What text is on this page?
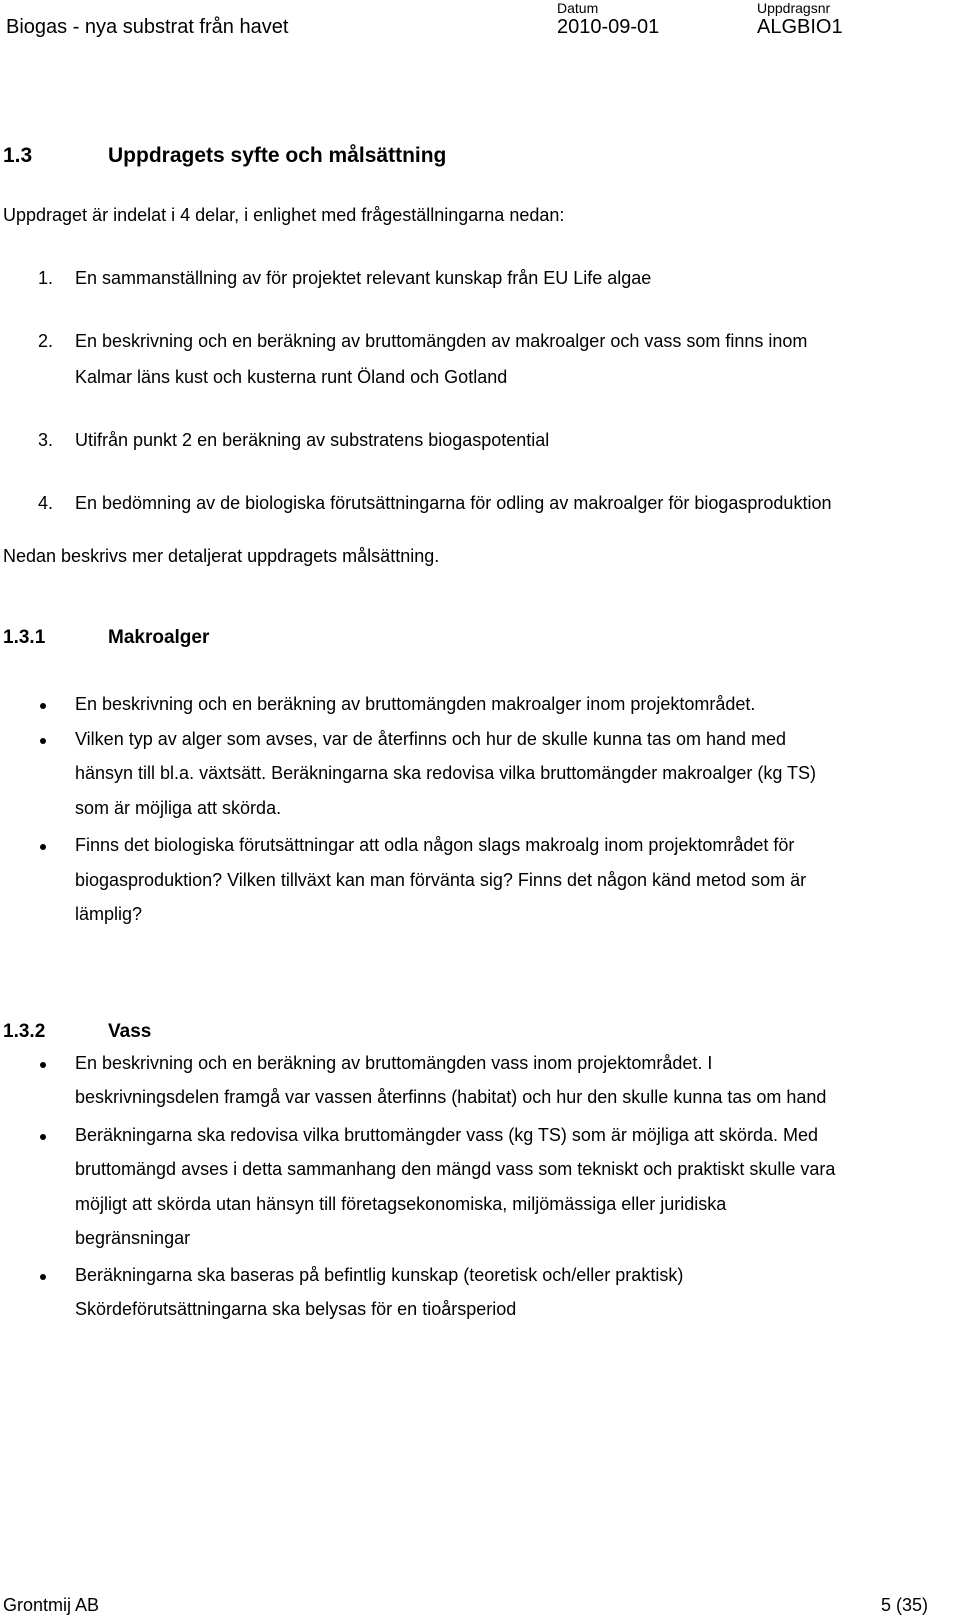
Biogas - nya substrat från havet
Datum
2010-09-01
Uppdragsnr
ALGBIO1
1.3	Uppdragets syfte och målsättning
Uppdraget är indelat i 4 delar, i enlighet med frågeställningarna nedan:
1. En sammanställning av för projektet relevant kunskap från EU Life algae
2. En beskrivning och en beräkning av bruttomängden av makroalger och vass som finns inom
Kalmar läns kust och kusterna runt Öland och Gotland
3. Utifrån punkt 2 en beräkning av substratens biogaspotential
4. En bedömning av de biologiska förutsättningarna för odling av makroalger för biogasproduktion
Nedan beskrivs mer detaljerat uppdragets målsättning.
1.3.1	Makroalger
En beskrivning och en beräkning av bruttomängden makroalger inom projektområdet.
Vilken typ av alger som avses, var de återfinns och hur de skulle kunna tas om hand med
hänsyn till bl.a. växtsätt. Beräkningarna ska redovisa vilka bruttomängder makroalger (kg TS)
som är möjliga att skörda.
Finns det biologiska förutsättningar att odla någon slags makroalg inom projektområdet för
biogasproduktion? Vilken tillväxt kan man förvänta sig? Finns det någon känd metod som är
lämplig?
1.3.2	Vass
En beskrivning och en beräkning av bruttomängden vass inom projektområdet. I
beskrivningsdelen framgå var vassen återfinns (habitat) och hur den skulle kunna tas om hand
Beräkningarna ska redovisa vilka bruttomängder vass (kg TS) som är möjliga att skörda. Med
bruttomängd avses i detta sammanhang den mängd vass som tekniskt och praktiskt skulle vara
möjligt att skörda utan hänsyn till företagsekonomiska, miljömässiga eller juridiska
begränsningar
Beräkningarna ska baseras på befintlig kunskap (teoretisk och/eller praktisk)
Skördeförutsättningarna ska belysas för en tioårsperiod
Grontmij AB	5 (35)
